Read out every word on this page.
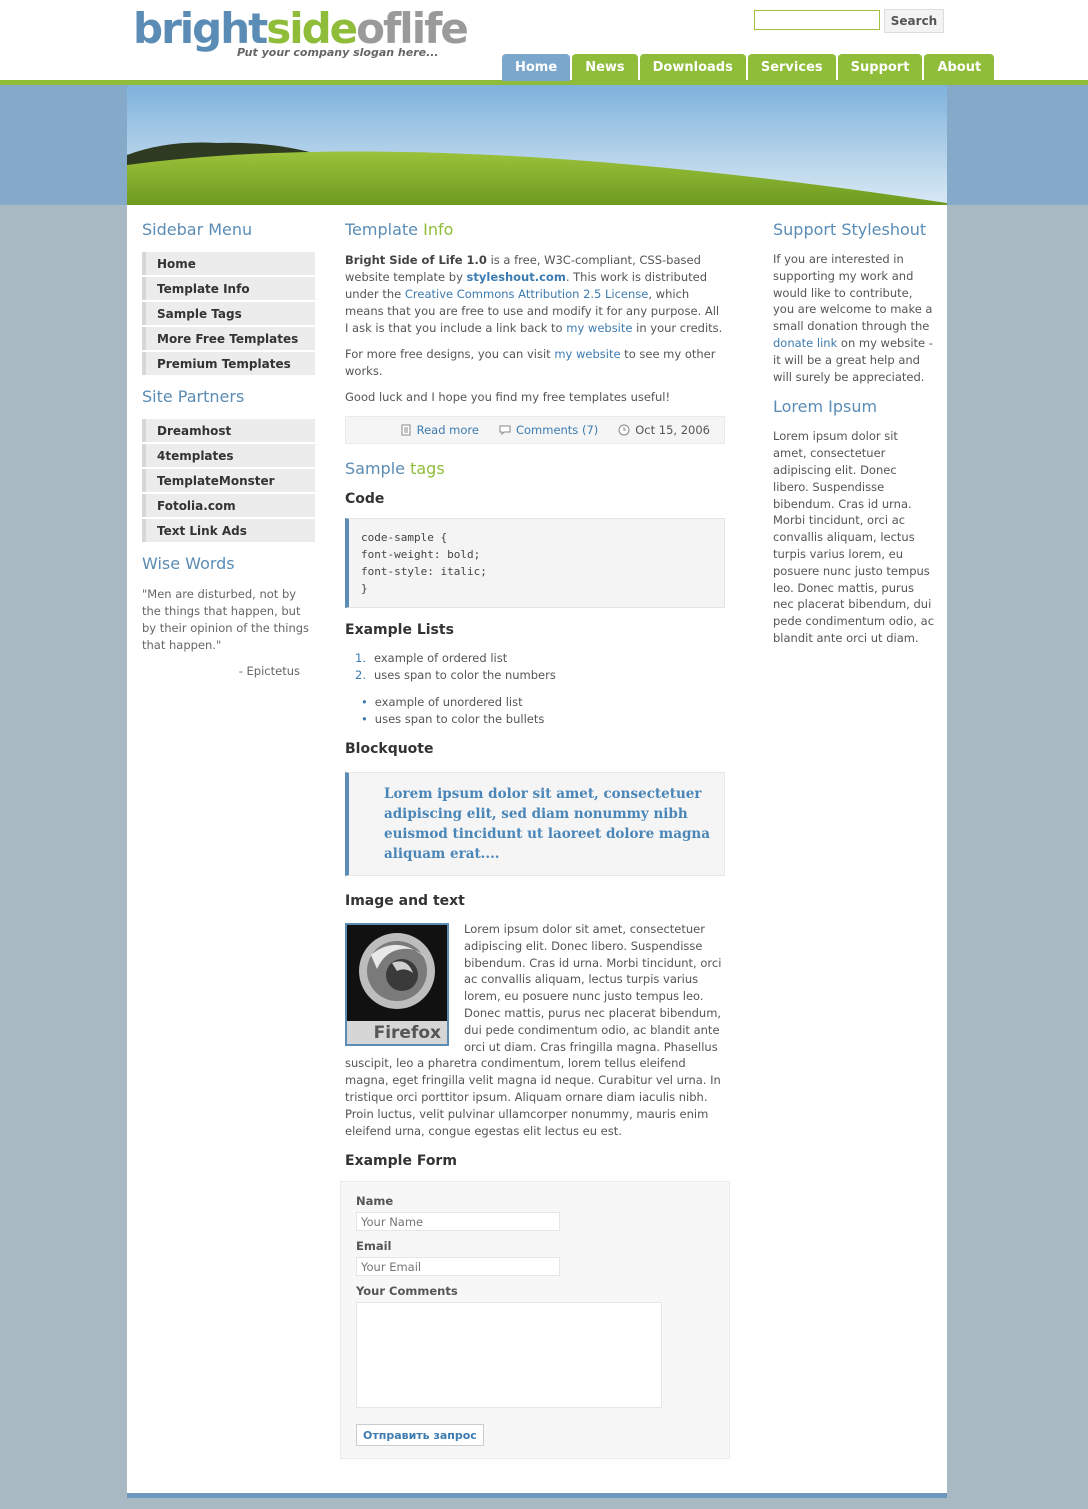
brightsideoflife
Put your company slogan here...
Search
Home	News	Downloads	Services	Support	About
Sidebar Menu
Home
Template Info
Sample Tags
More Free Templates
Premium Templates
Site Partners
Dreamhost
4templates
TemplateMonster
Fotolia.com
Text Link Ads
Wise Words
"Men are disturbed, not by the things that happen, but by their opinion of the things that happen."
- Epictetus
Template Info

Bright Side of Life 1.0 is a free, W3C-compliant, CSS-based website template by styleshout.com. This work is distributed under the Creative Commons Attribution 2.5 License, which means that you are free to use and modify it for any purpose. All I ask is that you include a link back to my website in your credits.

For more free designs, you can visit my website to see my other works.

Good luck and I hope you find my free templates useful!

Read more	Comments (7)	Oct 15, 2006
Sample tags
Code
code-sample {
font-weight: bold;
font-style: italic;
}
Example Lists
1. example of ordered list
2. uses span to color the numbers
• example of unordered list
• uses span to color the bullets
Blockquote
Lorem ipsum dolor sit amet, consectetuer adipiscing elit, sed diam nonummy nibh euismod tincidunt ut laoreet dolore magna aliquam erat....
Image and text
Firefox
Lorem ipsum dolor sit amet, consectetuer adipiscing elit. Donec libero. Suspendisse bibendum. Cras id urna. Morbi tincidunt, orci ac convallis aliquam, lectus turpis varius lorem, eu posuere nunc justo tempus leo. Donec mattis, purus nec placerat bibendum, dui pede condimentum odio, ac blandit ante orci ut diam. Cras fringilla magna. Phasellus suscipit, leo a pharetra condimentum, lorem tellus eleifend magna, eget fringilla velit magna id neque. Curabitur vel urna. In tristique orci porttitor ipsum. Aliquam ornare diam iaculis nibh. Proin luctus, velit pulvinar ullamcorper nonummy, mauris enim eleifend urna, congue egestas elit lectus eu est.
Example Form
Name
Your Name
Email
Your Email
Your Comments
Отправить запрос
Support Styleshout

If you are interested in supporting my work and would like to contribute, you are welcome to make a small donation through the donate link on my website - it will be a great help and will surely be appreciated.

Lorem Ipsum

Lorem ipsum dolor sit amet, consectetuer adipiscing elit. Donec libero. Suspendisse bibendum. Cras id urna. Morbi tincidunt, orci ac convallis aliquam, lectus turpis varius lorem, eu posuere nunc justo tempus leo. Donec mattis, purus nec placerat bibendum, dui pede condimentum odio, ac blandit ante orci ut diam.
